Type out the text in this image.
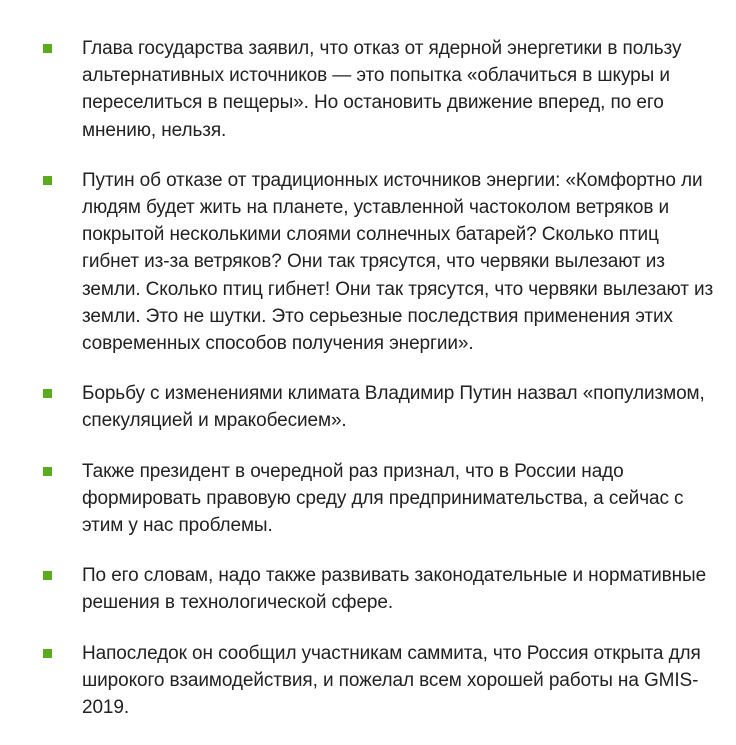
Глава государства заявил, что отказ от ядерной энергетики в пользу альтернативных источников — это попытка «облачиться в шкуры и переселиться в пещеры». Но остановить движение вперед, по его мнению, нельзя.
Путин об отказе от традиционных источников энергии: «Комфортно ли людям будет жить на планете, уставленной частоколом ветряков и покрытой несколькими слоями солнечных батарей? Сколько птиц гибнет из-за ветряков? Они так трясутся, что червяки вылезают из земли. Сколько птиц гибнет! Они так трясутся, что червяки вылезают из земли. Это не шутки. Это серьезные последствия применения этих современных способов получения энергии».
Борьбу с изменениями климата Владимир Путин назвал «популизмом, спекуляцией и мракобесием».
Также президент в очередной раз признал, что в России надо формировать правовую среду для предпринимательства, а сейчас с этим у нас проблемы.
По его словам, надо также развивать законодательные и нормативные решения в технологической сфере.
Напоследок он сообщил участникам саммита, что Россия открыта для широкого взаимодействия, и пожелал всем хорошей работы на GMIS-2019.
